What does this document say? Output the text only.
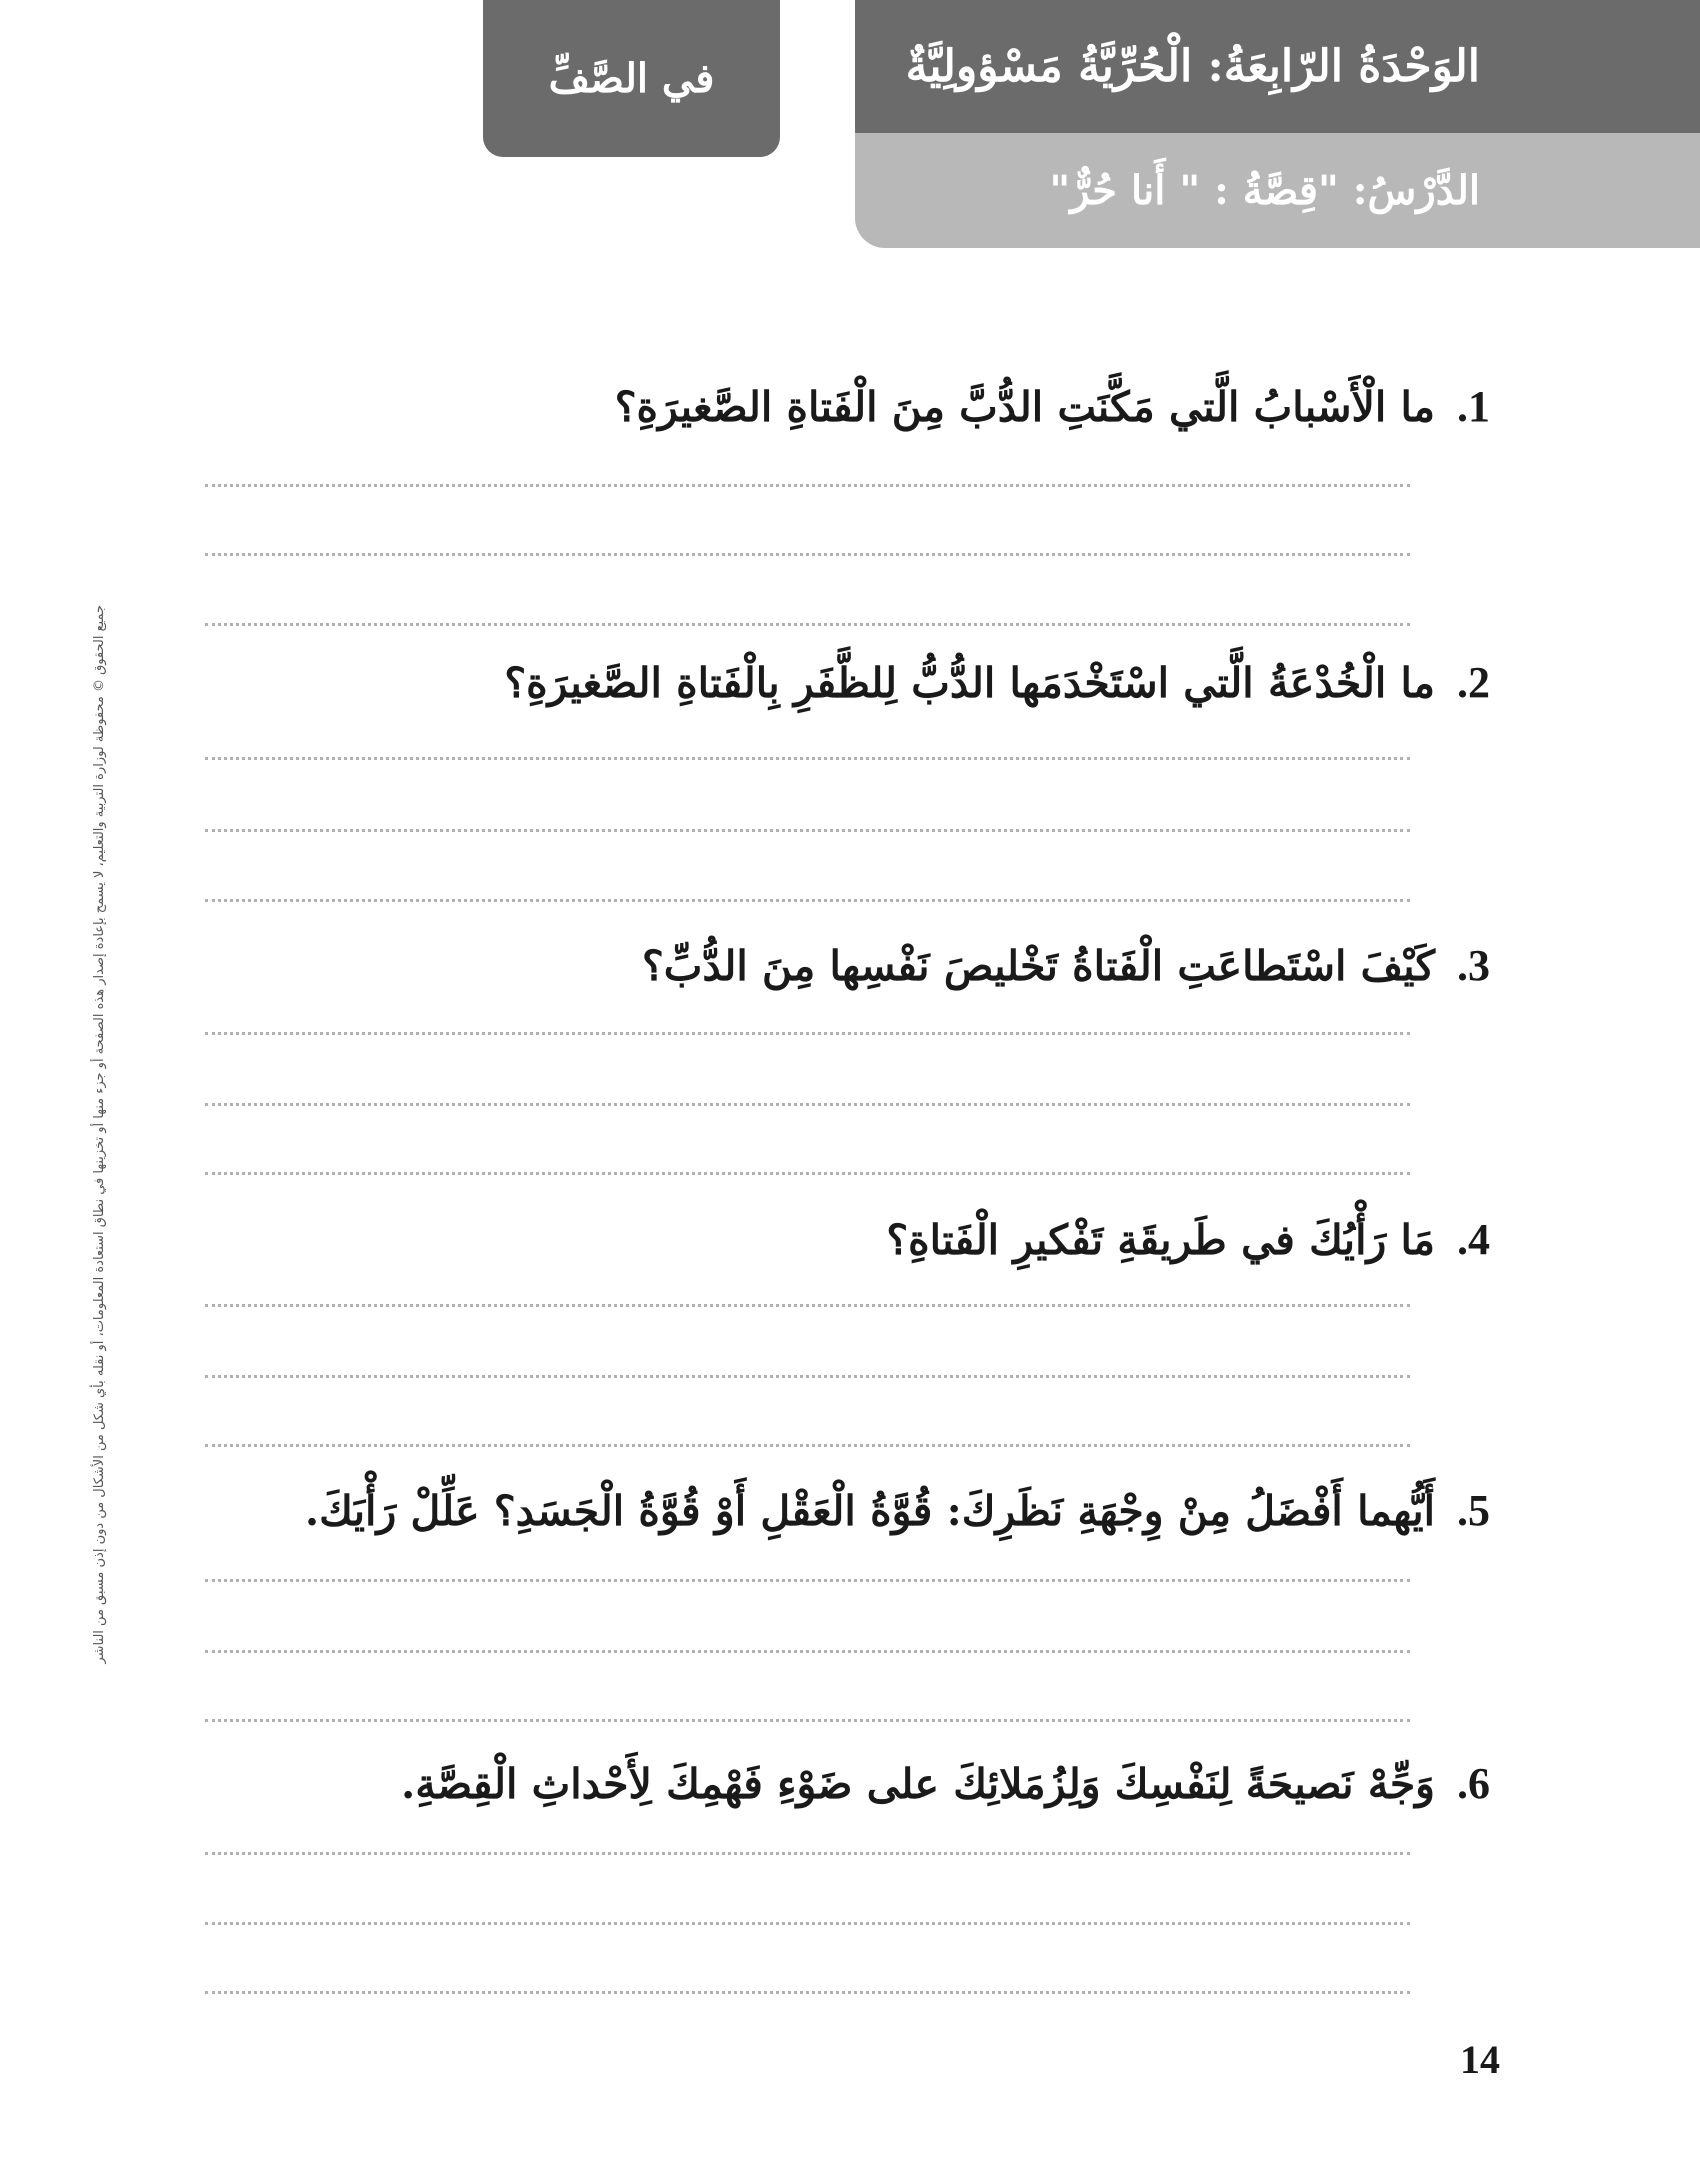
في الصَّفِّ	الوَحْدَةُ الرّابِعَةُ: الْحُرِّيَّةُ مَسْؤولِيَّةٌ
الدَّرْسُ: "قِصَّةُ : " أَنا حُرٌّ"
جميع الحقوق © محفوظة لوزارة التربية والتعليم، لا يسمح بإعادة إصدار هذه الصفحة أو جزء منها أو تخزينها في نطاق استعادة المعلومات، أو نقله بأي شكل من الأشكال من دون إذن مسبق من الناشر
1.ما الْأَسْبابُ الَّتي مَكَّنَتِ الدُّبَّ مِنَ الْفَتاةِ الصَّغيرَةِ؟
2.ما الْخُدْعَةُ الَّتي اسْتَخْدَمَها الدُّبُّ لِلظَّفَرِ بِالْفَتاةِ الصَّغيرَةِ؟
3.كَيْفَ اسْتَطاعَتِ الْفَتاةُ تَخْليصَ نَفْسِها مِنَ الدُّبِّ؟
4.مَا رَأْيُكَ في طَريقَةِ تَفْكيرِ الْفَتاةِ؟
5.أَيُّهما أَفْضَلُ مِنْ وِجْهَةِ نَظَرِكَ: قُوَّةُ الْعَقْلِ أَوْ قُوَّةُ الْجَسَدِ؟ عَلِّلْ رَأْيَكَ.
6.وَجِّهْ نَصيحَةً لِنَفْسِكَ وَلِزُمَلائِكَ على ضَوْءِ فَهْمِكَ لِأَحْداثِ الْقِصَّةِ.
14
